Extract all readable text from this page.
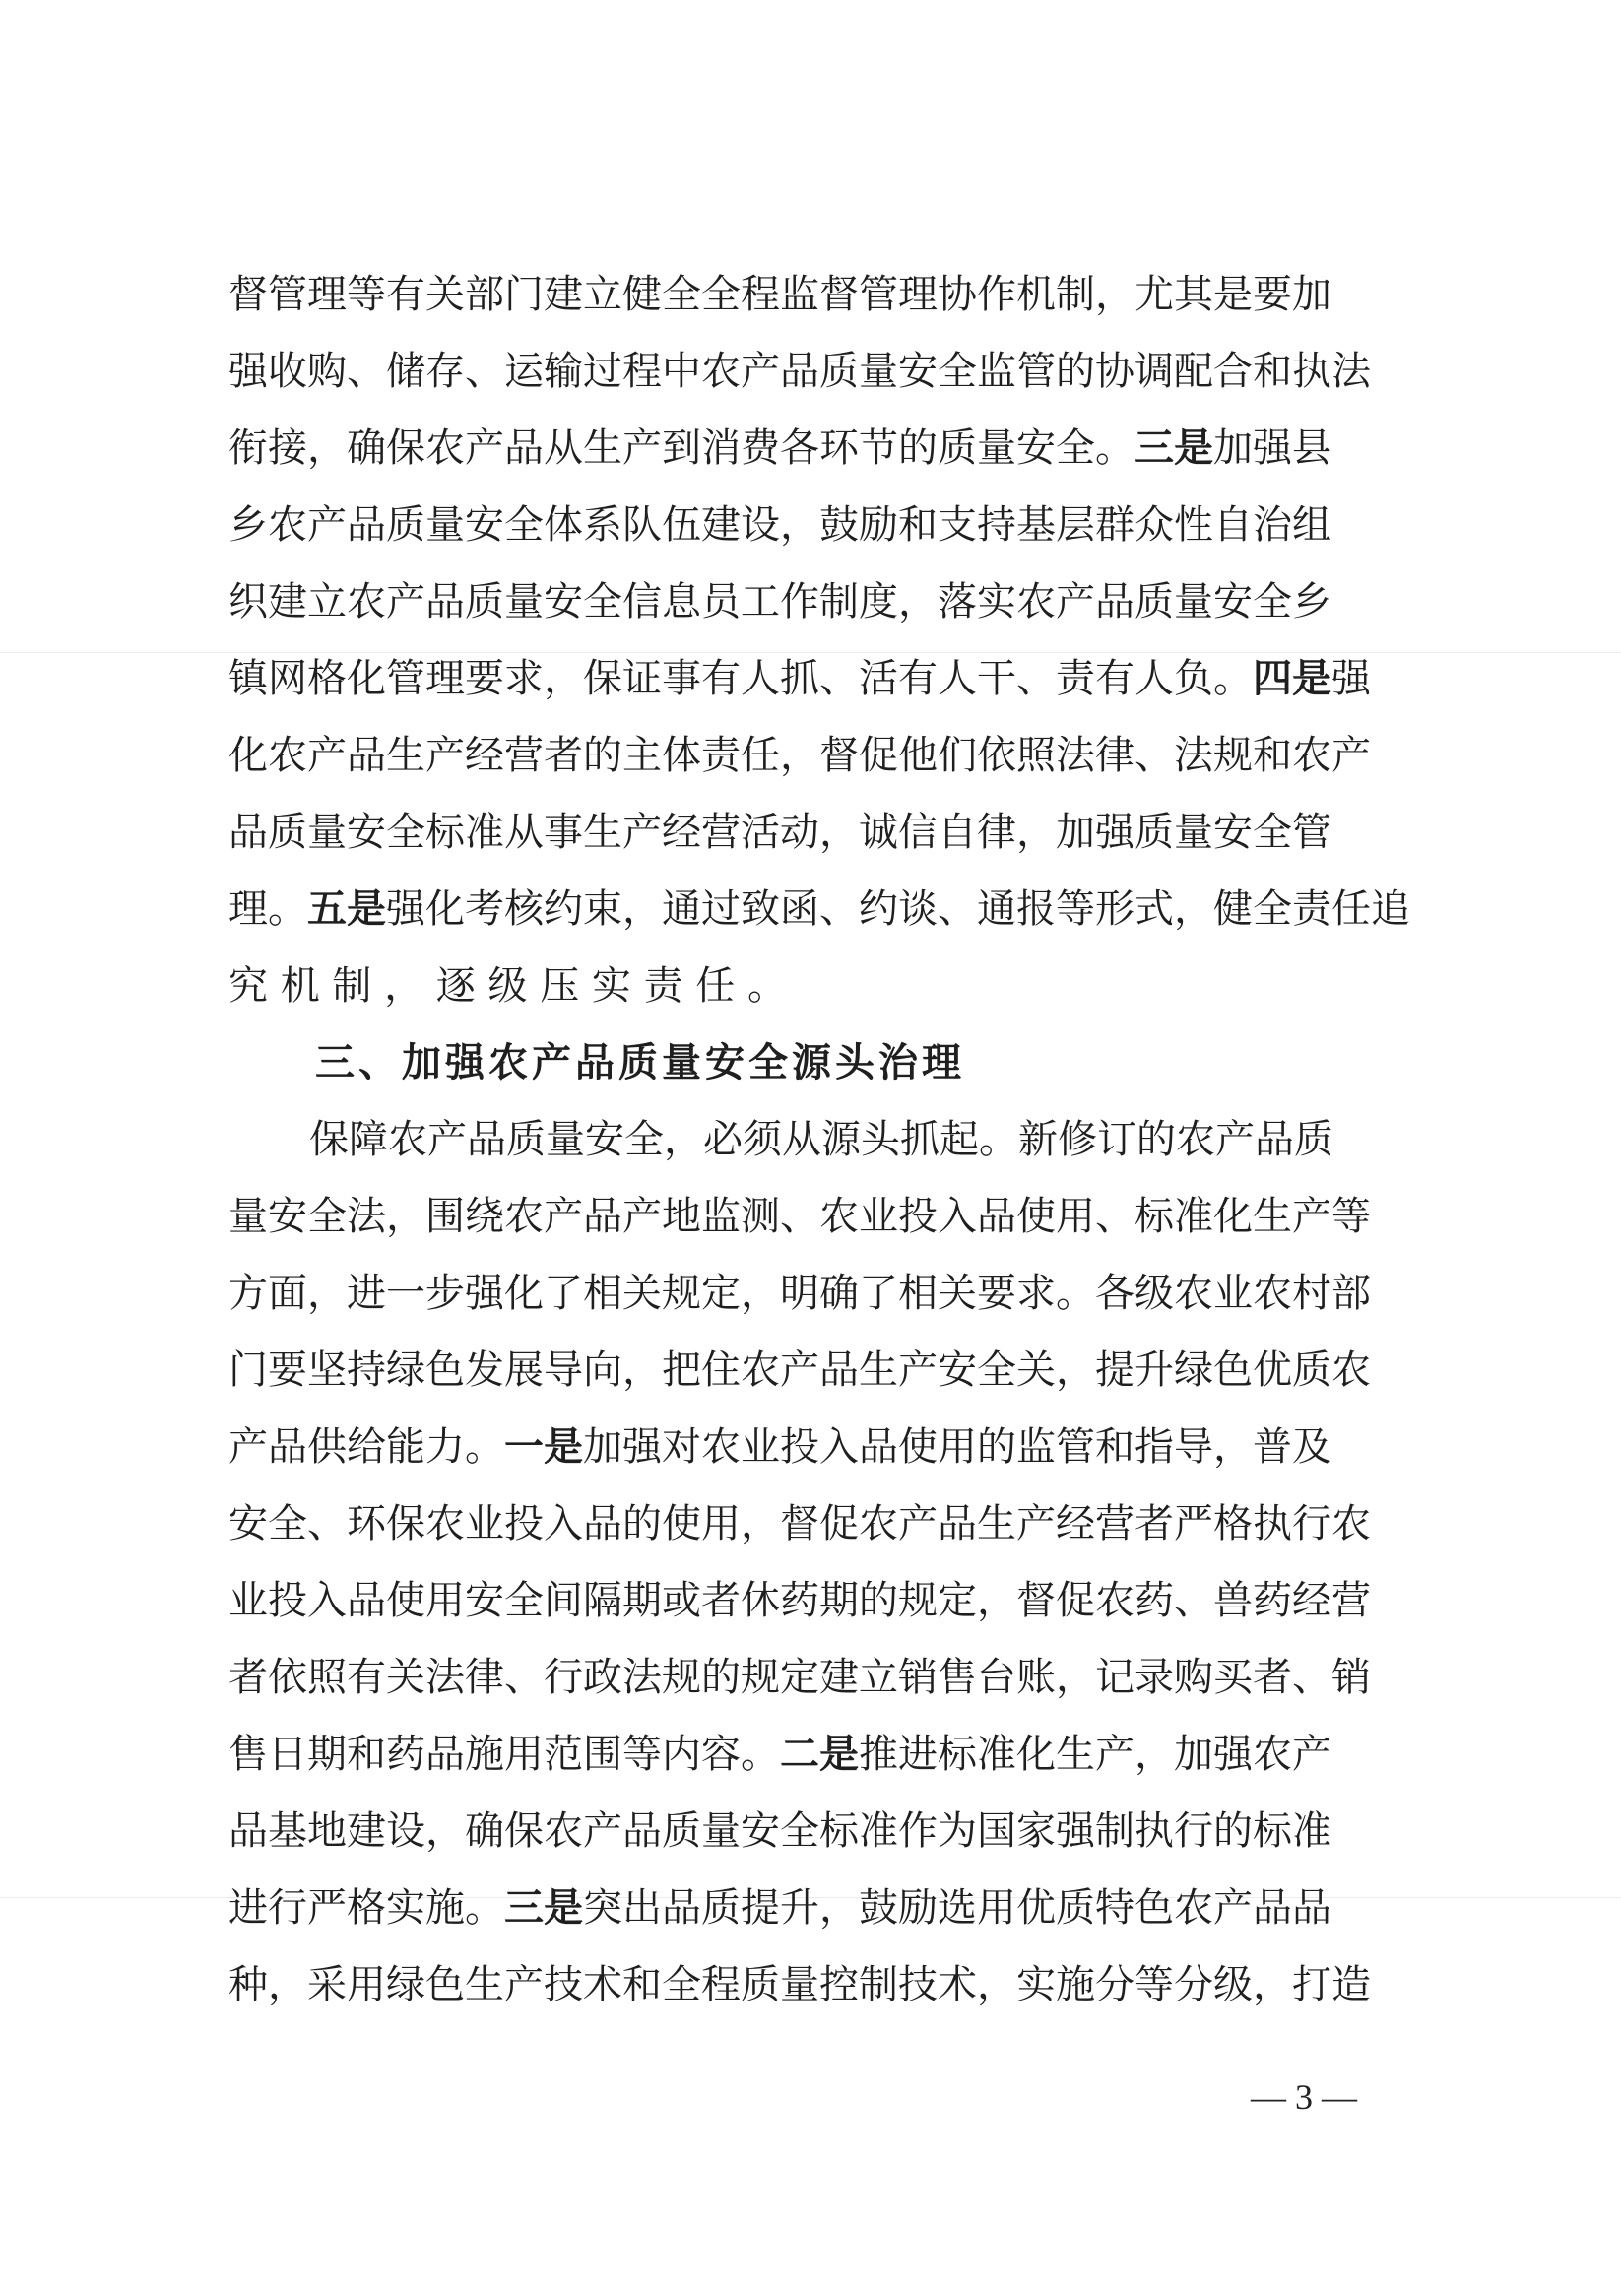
督管理等有关部门建立健全全程监督管理协作机制，尤其是要加
强收购、储存、运输过程中农产品质量安全监管的协调配合和执法
衔接，确保农产品从生产到消费各环节的质量安全。三是加强县
乡农产品质量安全体系队伍建设，鼓励和支持基层群众性自治组
织建立农产品质量安全信息员工作制度，落实农产品质量安全乡
镇网格化管理要求，保证事有人抓、活有人干、责有人负。四是强
化农产品生产经营者的主体责任，督促他们依照法律、法规和农产
品质量安全标准从事生产经营活动，诚信自律，加强质量安全管
理。五是强化考核约束，通过致函、约谈、通报等形式，健全责任追
究机制，逐级压实责任。
三、加强农产品质量安全源头治理
保障农产品质量安全，必须从源头抓起。新修订的农产品质
量安全法，围绕农产品产地监测、农业投入品使用、标准化生产等
方面，进一步强化了相关规定，明确了相关要求。各级农业农村部
门要坚持绿色发展导向，把住农产品生产安全关，提升绿色优质农
产品供给能力。一是加强对农业投入品使用的监管和指导，普及
安全、环保农业投入品的使用，督促农产品生产经营者严格执行农
业投入品使用安全间隔期或者休药期的规定，督促农药、兽药经营
者依照有关法律、行政法规的规定建立销售台账，记录购买者、销
售日期和药品施用范围等内容。二是推进标准化生产，加强农产
品基地建设，确保农产品质量安全标准作为国家强制执行的标准
进行严格实施。三是突出品质提升，鼓励选用优质特色农产品品
种，采用绿色生产技术和全程质量控制技术，实施分等分级，打造
— 3 —
